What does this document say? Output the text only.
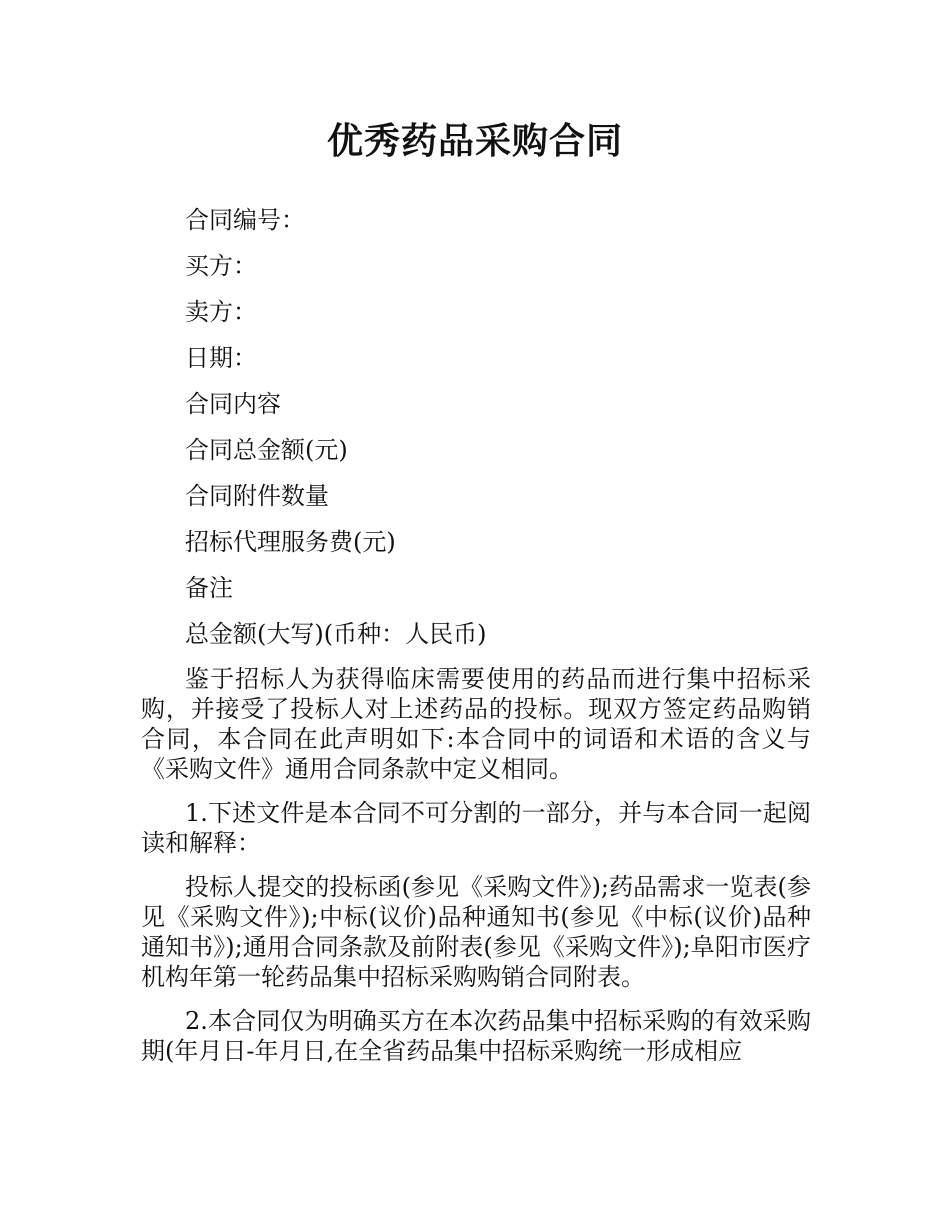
优秀药品采购合同
合同编号：
买方：
卖方：
日期：
合同内容
合同总金额(元)
合同附件数量
招标代理服务费(元)
备注
总金额(大写)(币种：人民币)

鉴于招标人为获得临床需要使用的药品而进行集中招标采购，并接受了投标人对上述药品的投标。现双方签定药品购销合同，本合同在此声明如下:本合同中的词语和术语的含义与《采购文件》通用合同条款中定义相同。

1.下述文件是本合同不可分割的一部分，并与本合同一起阅读和解释：

投标人提交的投标函(参见《采购文件》);药品需求一览表(参见《采购文件》);中标(议价)品种通知书(参见《中标(议价)品种通知书》);通用合同条款及前附表(参见《采购文件》);阜阳市医疗机构年第一轮药品集中招标采购购销合同附表。

2.本合同仅为明确买方在本次药品集中招标采购的有效采购期(年月日-年月日,在全省药品集中招标采购统一形成相应
